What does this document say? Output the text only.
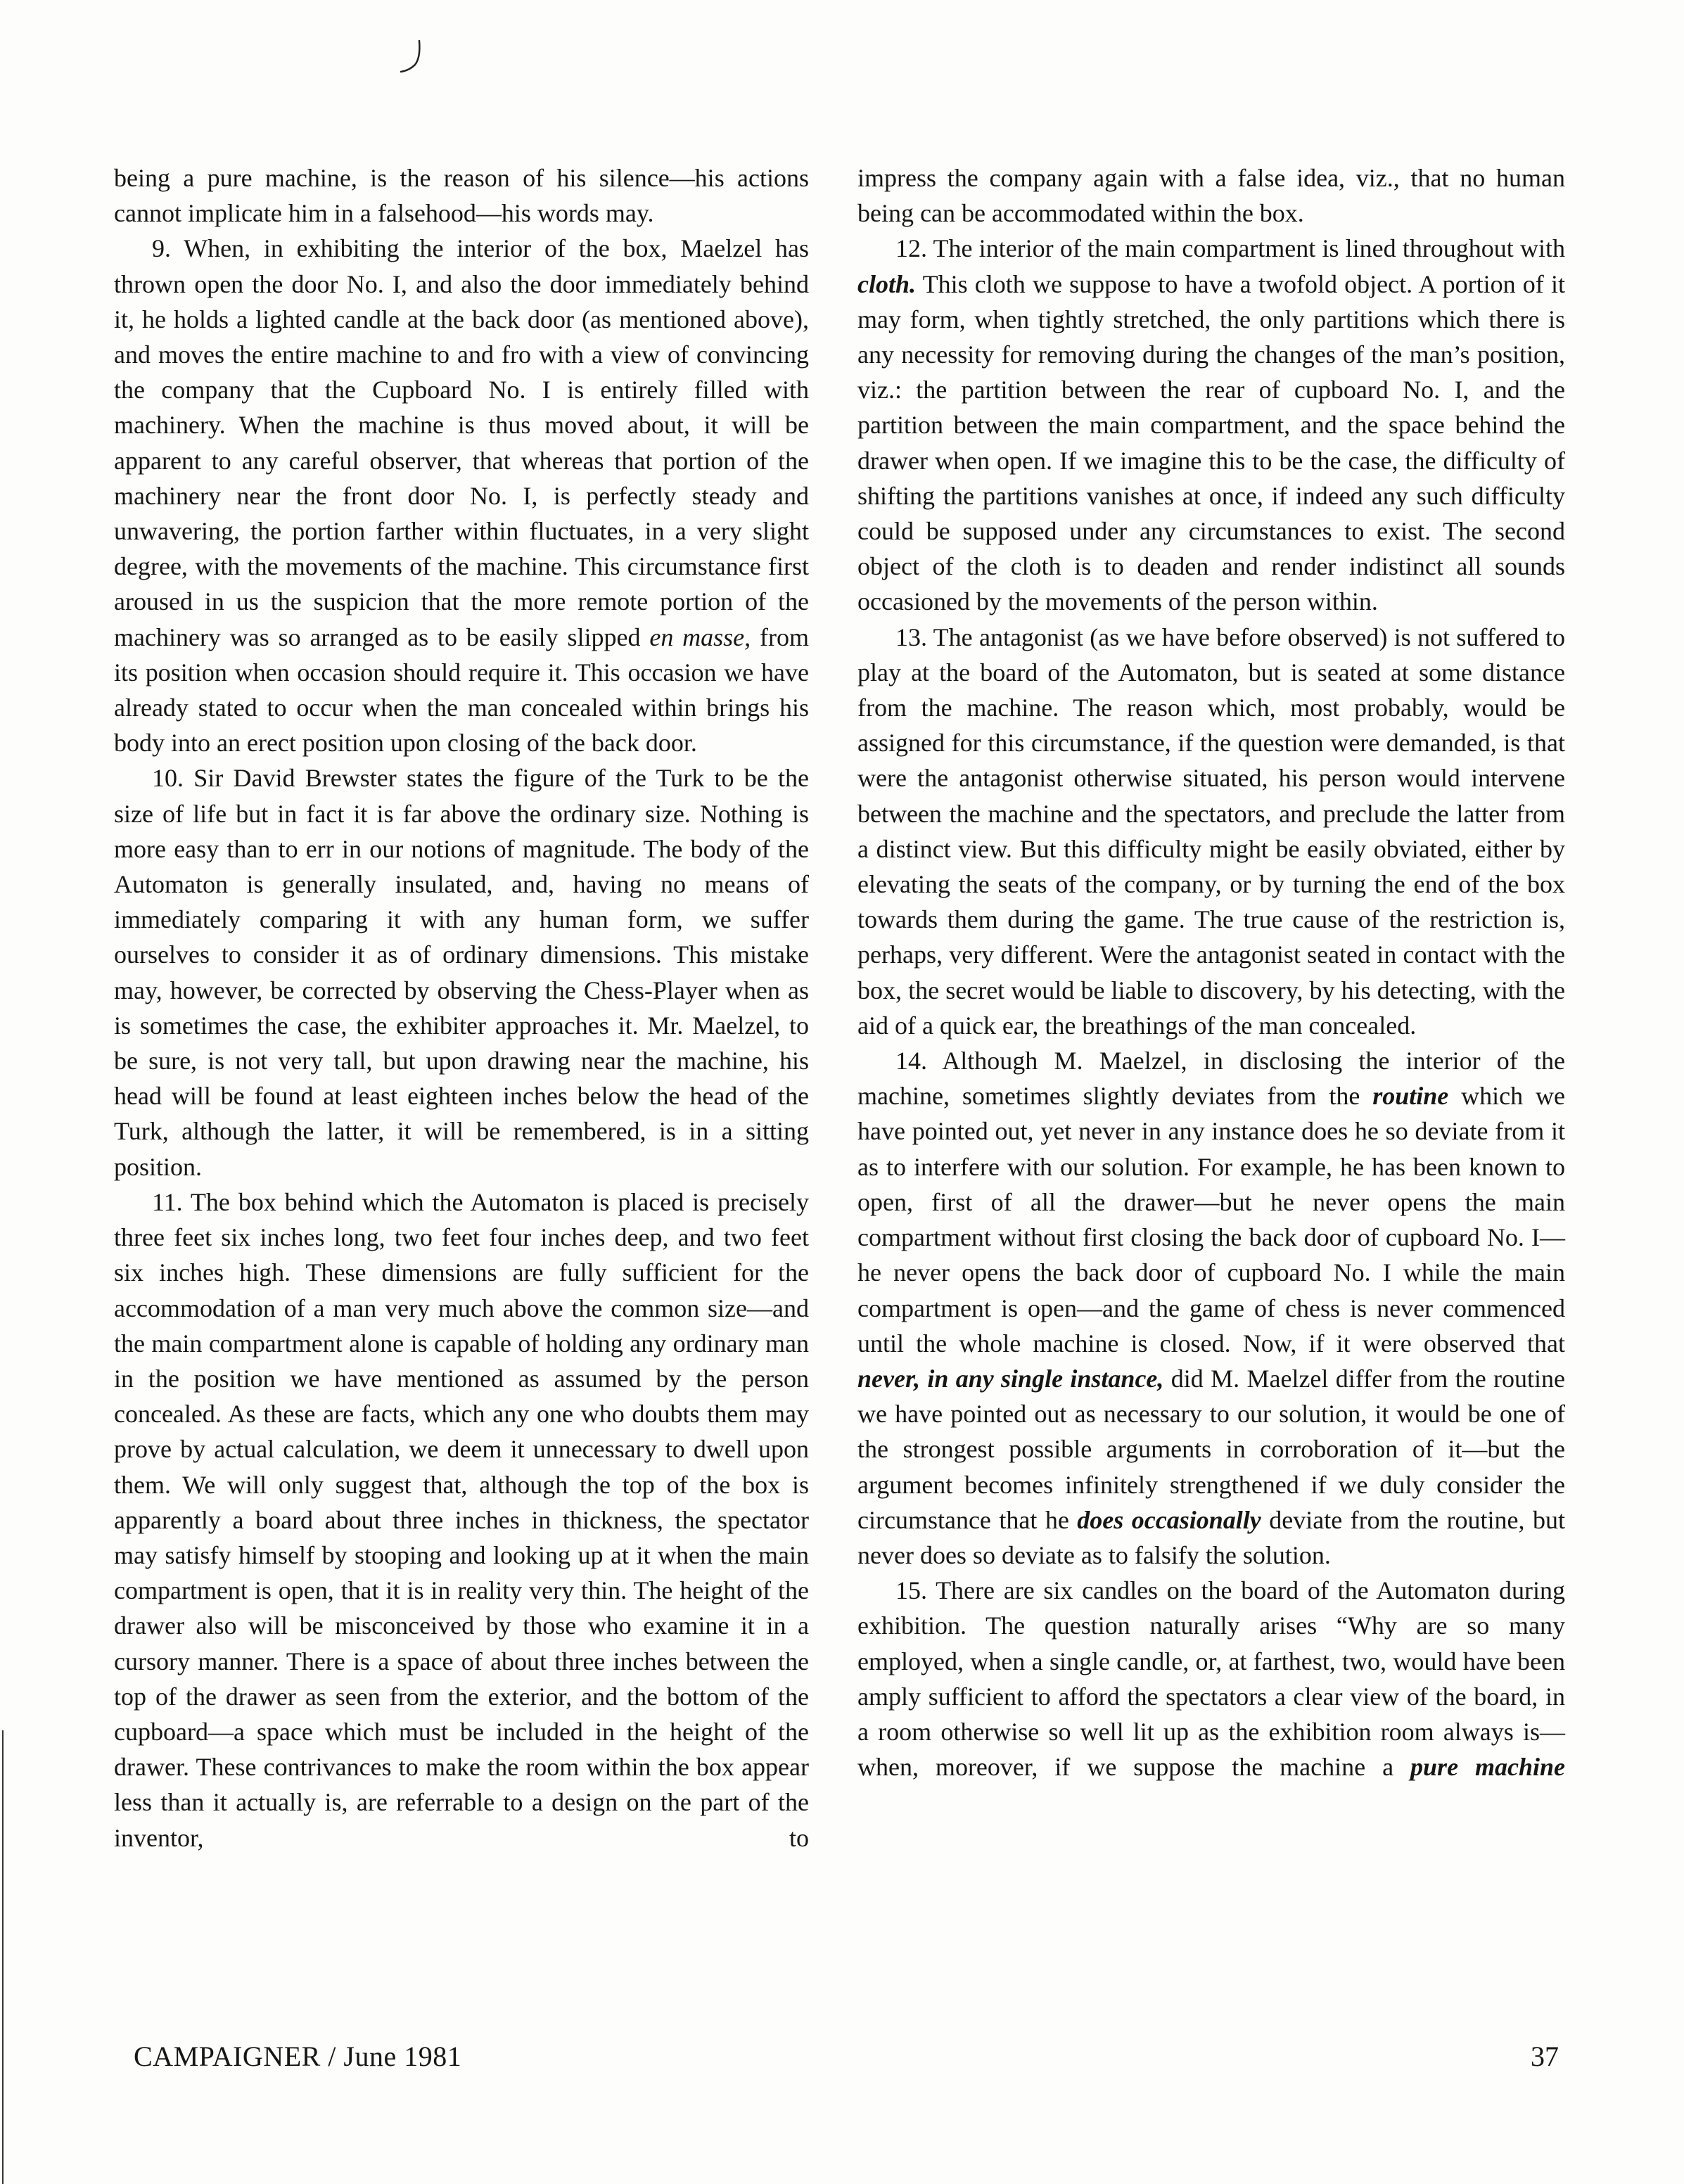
being a pure machine, is the reason of his silence—his actions cannot implicate him in a falsehood—his words may.

9. When, in exhibiting the interior of the box, Maelzel has thrown open the door No. I, and also the door immediately behind it, he holds a lighted candle at the back door (as mentioned above), and moves the entire machine to and fro with a view of convincing the company that the Cupboard No. I is entirely filled with machinery. When the machine is thus moved about, it will be apparent to any careful observer, that whereas that portion of the machinery near the front door No. I, is perfectly steady and unwavering, the portion farther within fluctuates, in a very slight degree, with the movements of the machine. This circumstance first aroused in us the suspicion that the more remote portion of the machinery was so arranged as to be easily slipped en masse, from its position when occasion should require it. This occasion we have already stated to occur when the man concealed within brings his body into an erect position upon closing of the back door.

10. Sir David Brewster states the figure of the Turk to be the size of life but in fact it is far above the ordinary size. Nothing is more easy than to err in our notions of magnitude. The body of the Automaton is generally insulated, and, having no means of immediately comparing it with any human form, we suffer ourselves to consider it as of ordinary dimensions. This mistake may, however, be corrected by observing the Chess-Player when as is sometimes the case, the exhibiter approaches it. Mr. Maelzel, to be sure, is not very tall, but upon drawing near the machine, his head will be found at least eighteen inches below the head of the Turk, although the latter, it will be remembered, is in a sitting position.

11. The box behind which the Automaton is placed is precisely three feet six inches long, two feet four inches deep, and two feet six inches high. These dimensions are fully sufficient for the accommodation of a man very much above the common size—and the main compartment alone is capable of holding any ordinary man in the position we have mentioned as assumed by the person concealed. As these are facts, which any one who doubts them may prove by actual calculation, we deem it unnecessary to dwell upon them. We will only suggest that, although the top of the box is apparently a board about three inches in thickness, the spectator may satisfy himself by stooping and looking up at it when the main compartment is open, that it is in reality very thin. The height of the drawer also will be misconceived by those who examine it in a cursory manner. There is a space of about three inches between the top of the drawer as seen from the exterior, and the bottom of the cupboard—a space which must be included in the height of the drawer. These contrivances to make the room within the box appear less than it actually is, are referrable to a design on the part of the inventor, to

impress the company again with a false idea, viz., that no human being can be accommodated within the box.

12. The interior of the main compartment is lined throughout with cloth. This cloth we suppose to have a twofold object. A portion of it may form, when tightly stretched, the only partitions which there is any necessity for removing during the changes of the man’s position, viz.: the partition between the rear of cupboard No. I, and the partition between the main compartment, and the space behind the drawer when open. If we imagine this to be the case, the difficulty of shifting the partitions vanishes at once, if indeed any such difficulty could be supposed under any circumstances to exist. The second object of the cloth is to deaden and render indistinct all sounds occasioned by the movements of the person within.

13. The antagonist (as we have before observed) is not suffered to play at the board of the Automaton, but is seated at some distance from the machine. The reason which, most probably, would be assigned for this circumstance, if the question were demanded, is that were the antagonist otherwise situated, his person would intervene between the machine and the spectators, and preclude the latter from a distinct view. But this difficulty might be easily obviated, either by elevating the seats of the company, or by turning the end of the box towards them during the game. The true cause of the restriction is, perhaps, very different. Were the antagonist seated in contact with the box, the secret would be liable to discovery, by his detecting, with the aid of a quick ear, the breathings of the man concealed.

14. Although M. Maelzel, in disclosing the interior of the machine, sometimes slightly deviates from the routine which we have pointed out, yet never in any instance does he so deviate from it as to interfere with our solution. For example, he has been known to open, first of all the drawer—but he never opens the main compartment without first closing the back door of cupboard No. I—he never opens the back door of cupboard No. I while the main compartment is open—and the game of chess is never commenced until the whole machine is closed. Now, if it were observed that never, in any single instance, did M. Maelzel differ from the routine we have pointed out as necessary to our solution, it would be one of the strongest possible arguments in corroboration of it—but the argument becomes infinitely strengthened if we duly consider the circumstance that he does occasionally deviate from the routine, but never does so deviate as to falsify the solution.

15. There are six candles on the board of the Automaton during exhibition. The question naturally arises “Why are so many employed, when a single candle, or, at farthest, two, would have been amply sufficient to afford the spectators a clear view of the board, in a room otherwise so well lit up as the exhibition room always is—when, moreover, if we suppose the machine a pure machine

CAMPAIGNER / June 1981	37
